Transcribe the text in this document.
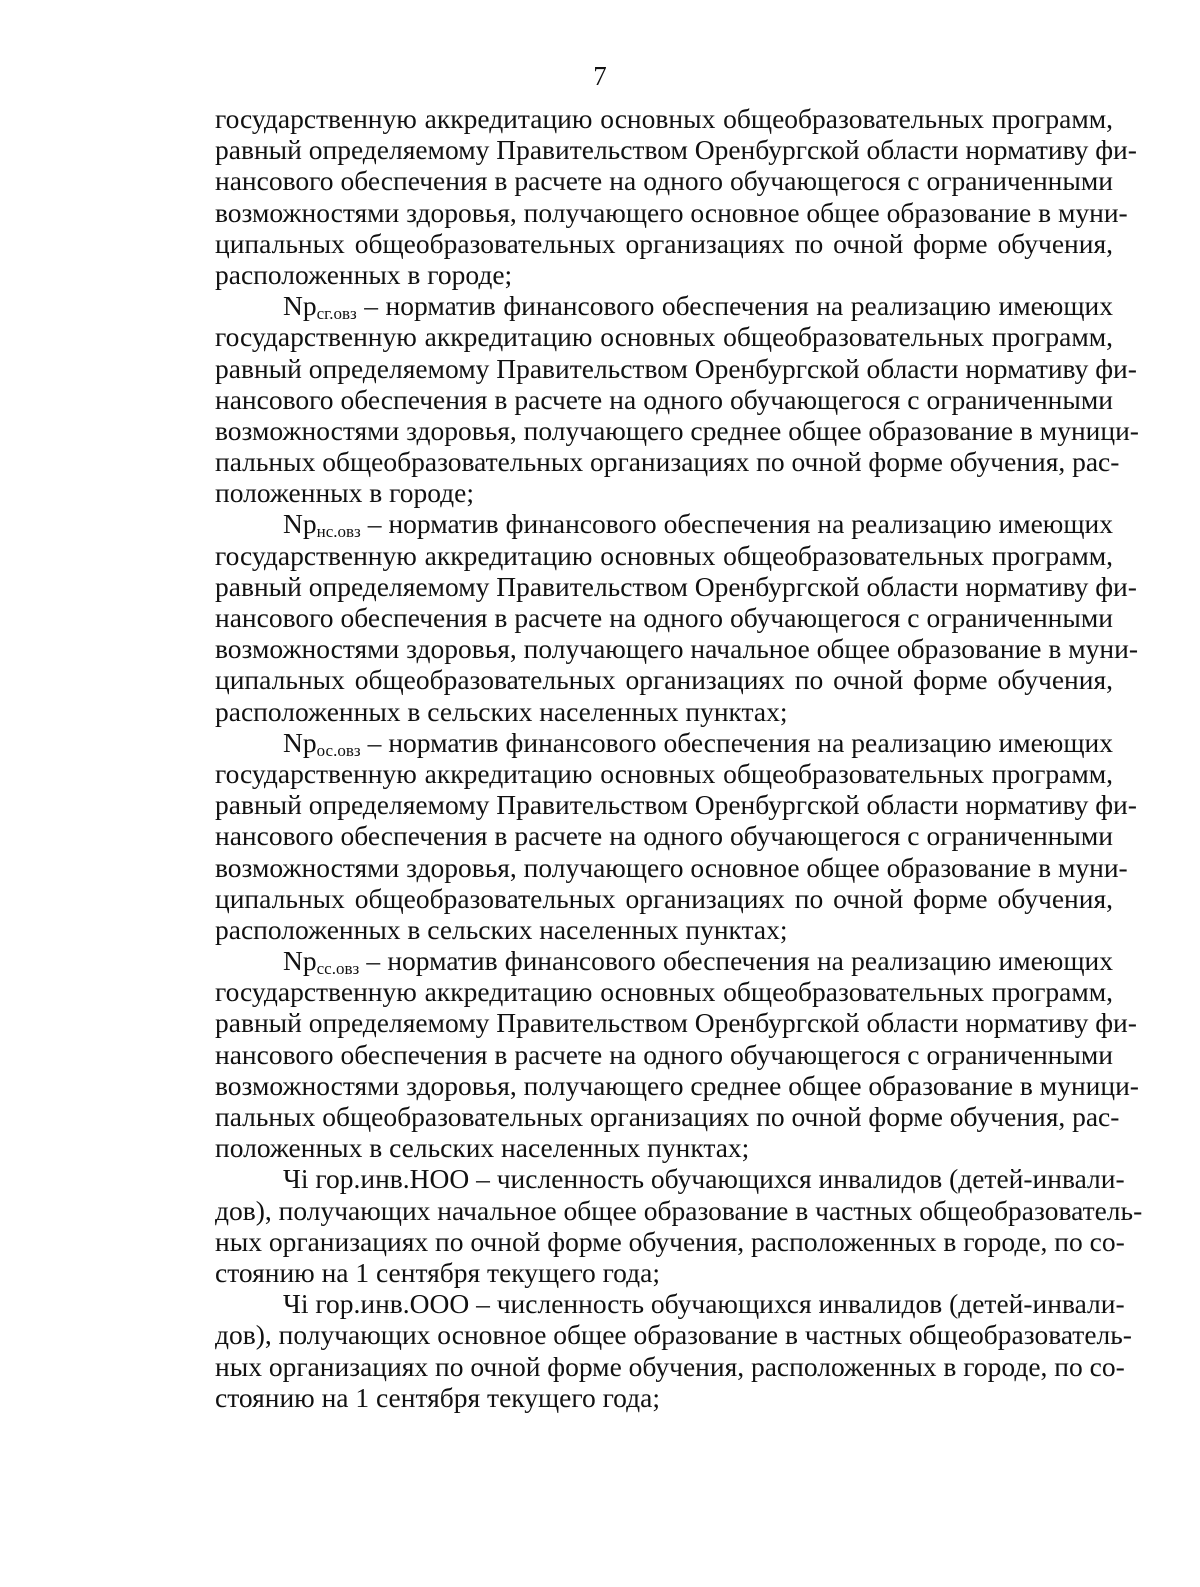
7
государственную аккредитацию основных общеобразовательных программ,
равный определяемому Правительством Оренбургской области нормативу фи-
нансового обеспечения в расчете на одного обучающегося с ограниченными
возможностями здоровья, получающего основное общее образование в муни-
ципальных общеобразовательных организациях по очной форме обучения,
расположенных в городе;
Npсг.овз – норматив финансового обеспечения на реализацию имеющих
государственную аккредитацию основных общеобразовательных программ,
равный определяемому Правительством Оренбургской области нормативу фи-
нансового обеспечения в расчете на одного обучающегося с ограниченными
возможностями здоровья, получающего среднее общее образование в муници-
пальных общеобразовательных организациях по очной форме обучения, рас-
положенных в городе;
Npнс.овз – норматив финансового обеспечения на реализацию имеющих
государственную аккредитацию основных общеобразовательных программ,
равный определяемому Правительством Оренбургской области нормативу фи-
нансового обеспечения в расчете на одного обучающегося с ограниченными
возможностями здоровья, получающего начальное общее образование в муни-
ципальных общеобразовательных организациях по очной форме обучения,
расположенных в сельских населенных пунктах;
Npос.овз – норматив финансового обеспечения на реализацию имеющих
государственную аккредитацию основных общеобразовательных программ,
равный определяемому Правительством Оренбургской области нормативу фи-
нансового обеспечения в расчете на одного обучающегося с ограниченными
возможностями здоровья, получающего основное общее образование в муни-
ципальных общеобразовательных организациях по очной форме обучения,
расположенных в сельских населенных пунктах;
Npсс.овз – норматив финансового обеспечения на реализацию имеющих
государственную аккредитацию основных общеобразовательных программ,
равный определяемому Правительством Оренбургской области нормативу фи-
нансового обеспечения в расчете на одного обучающегося с ограниченными
возможностями здоровья, получающего среднее общее образование в муници-
пальных общеобразовательных организациях по очной форме обучения, рас-
положенных в сельских населенных пунктах;
Чi гор.инв.НОО – численность обучающихся инвалидов (детей-инвали-
дов), получающих начальное общее образование в частных общеобразователь-
ных организациях по очной форме обучения, расположенных в городе, по со-
стоянию на 1 сентября текущего года;
Чi гор.инв.ООО – численность обучающихся инвалидов (детей-инвали-
дов), получающих основное общее образование в частных общеобразователь-
ных организациях по очной форме обучения, расположенных в городе, по со-
стоянию на 1 сентября текущего года;
